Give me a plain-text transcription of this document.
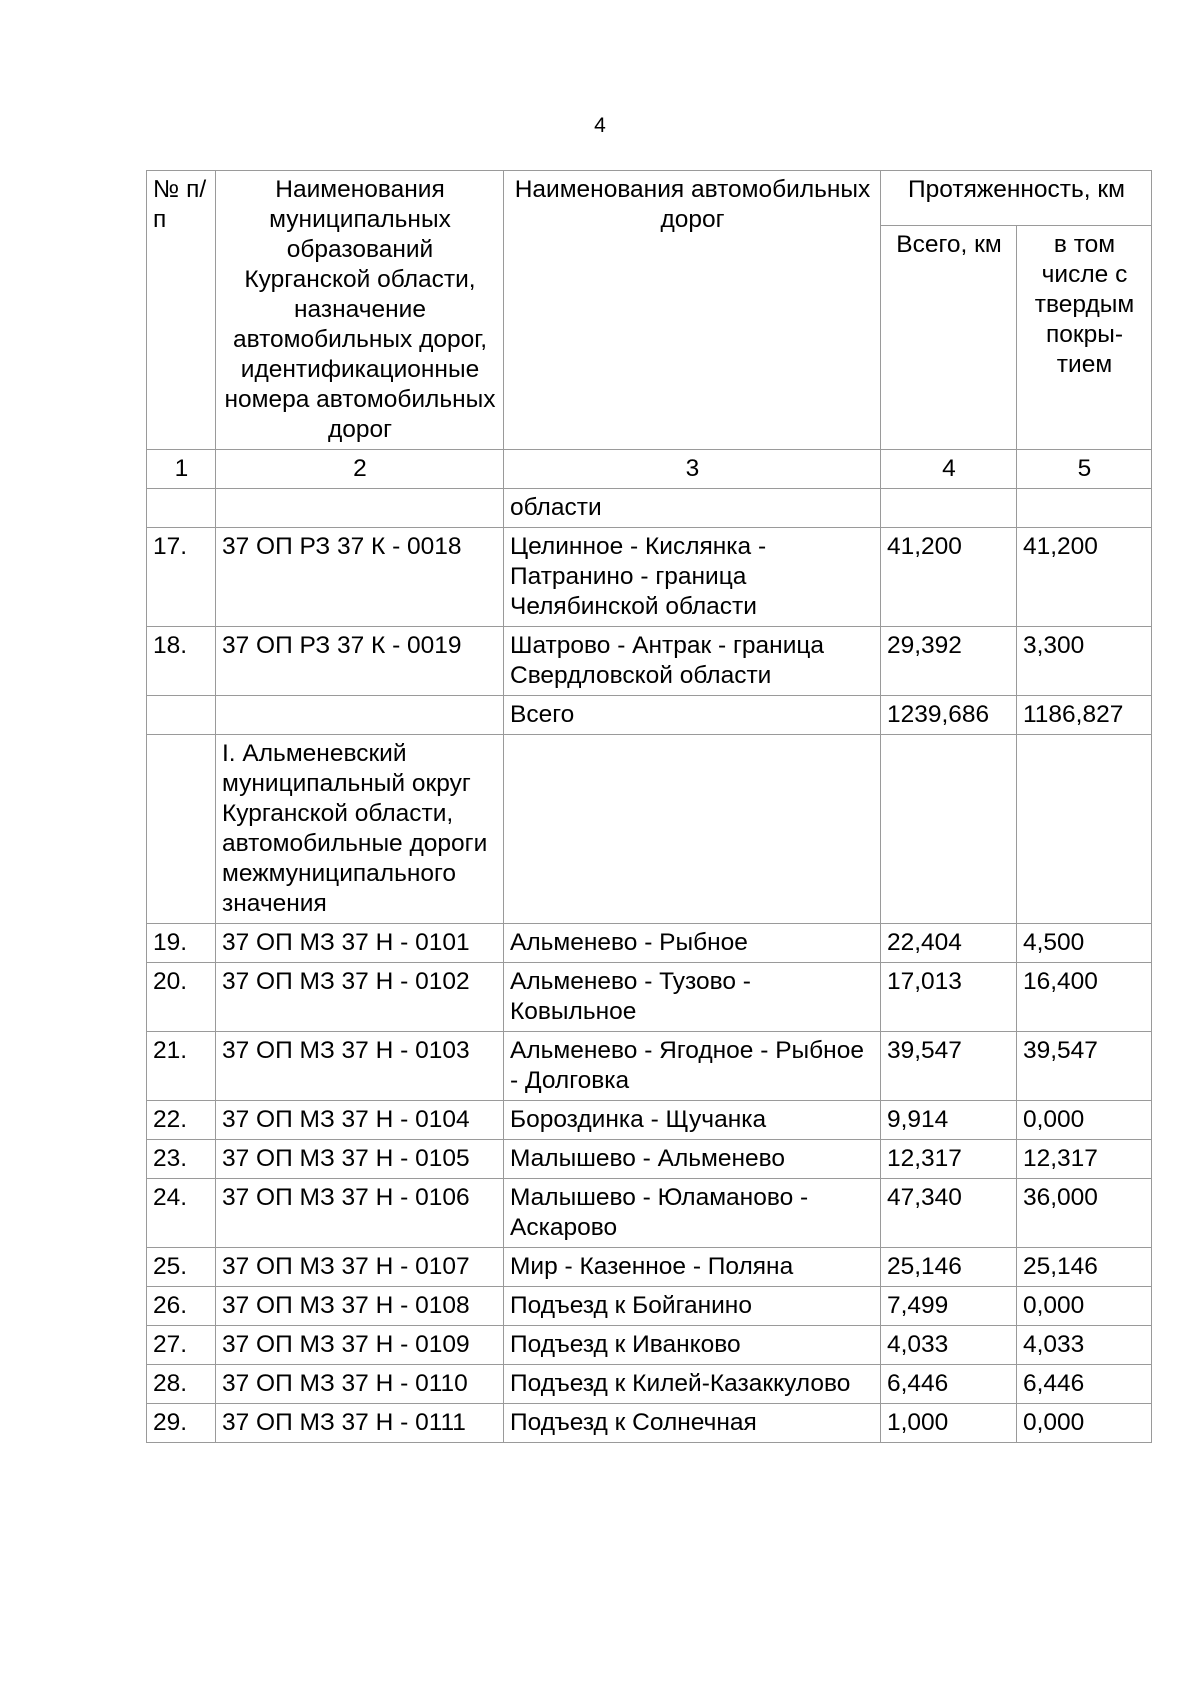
4
№ п/п	Наименования муниципальных образований Курганской области, назначение автомобильных дорог, идентификационные номера автомобильных дорог	Наименования автомобильных дорог	Протяженность, км	
			Всего, км	в том числе с твердым покры-тием
1	2	3	4	5
		области		
17.	37 ОП РЗ 37 К - 0018	Целинное - Кислянка - Патранино - граница Челябинской области	41,200	41,200
18.	37 ОП РЗ 37 К - 0019	Шатрово - Антрак - граница Свердловской области	29,392	3,300
		Всего	1239,686	1186,827
	I. Альменевский муниципальный округ Курганской области, автомобильные дороги межмуниципального значения			
19.	37 ОП МЗ 37 Н - 0101	Альменево - Рыбное	22,404	4,500
20.	37 ОП МЗ 37 Н - 0102	Альменево - Тузово - Ковыльное	17,013	16,400
21.	37 ОП МЗ 37 Н - 0103	Альменево - Ягодное - Рыбное - Долговка	39,547	39,547
22.	37 ОП МЗ 37 Н - 0104	Бороздинка - Щучанка	9,914	0,000
23.	37 ОП МЗ 37 Н - 0105	Малышево - Альменево	12,317	12,317
24.	37 ОП МЗ 37 Н - 0106	Малышево - Юламаново - Аскарово	47,340	36,000
25.	37 ОП МЗ 37 Н - 0107	Мир - Казенное - Поляна	25,146	25,146
26.	37 ОП МЗ 37 Н - 0108	Подъезд к Бойганино	7,499	0,000
27.	37 ОП МЗ 37 Н - 0109	Подъезд к Иванково	4,033	4,033
28.	37 ОП МЗ 37 Н - 0110	Подъезд к Килей-Казаккулово	6,446	6,446
29.	37 ОП МЗ 37 Н - 0111	Подъезд к Солнечная	1,000	0,000
